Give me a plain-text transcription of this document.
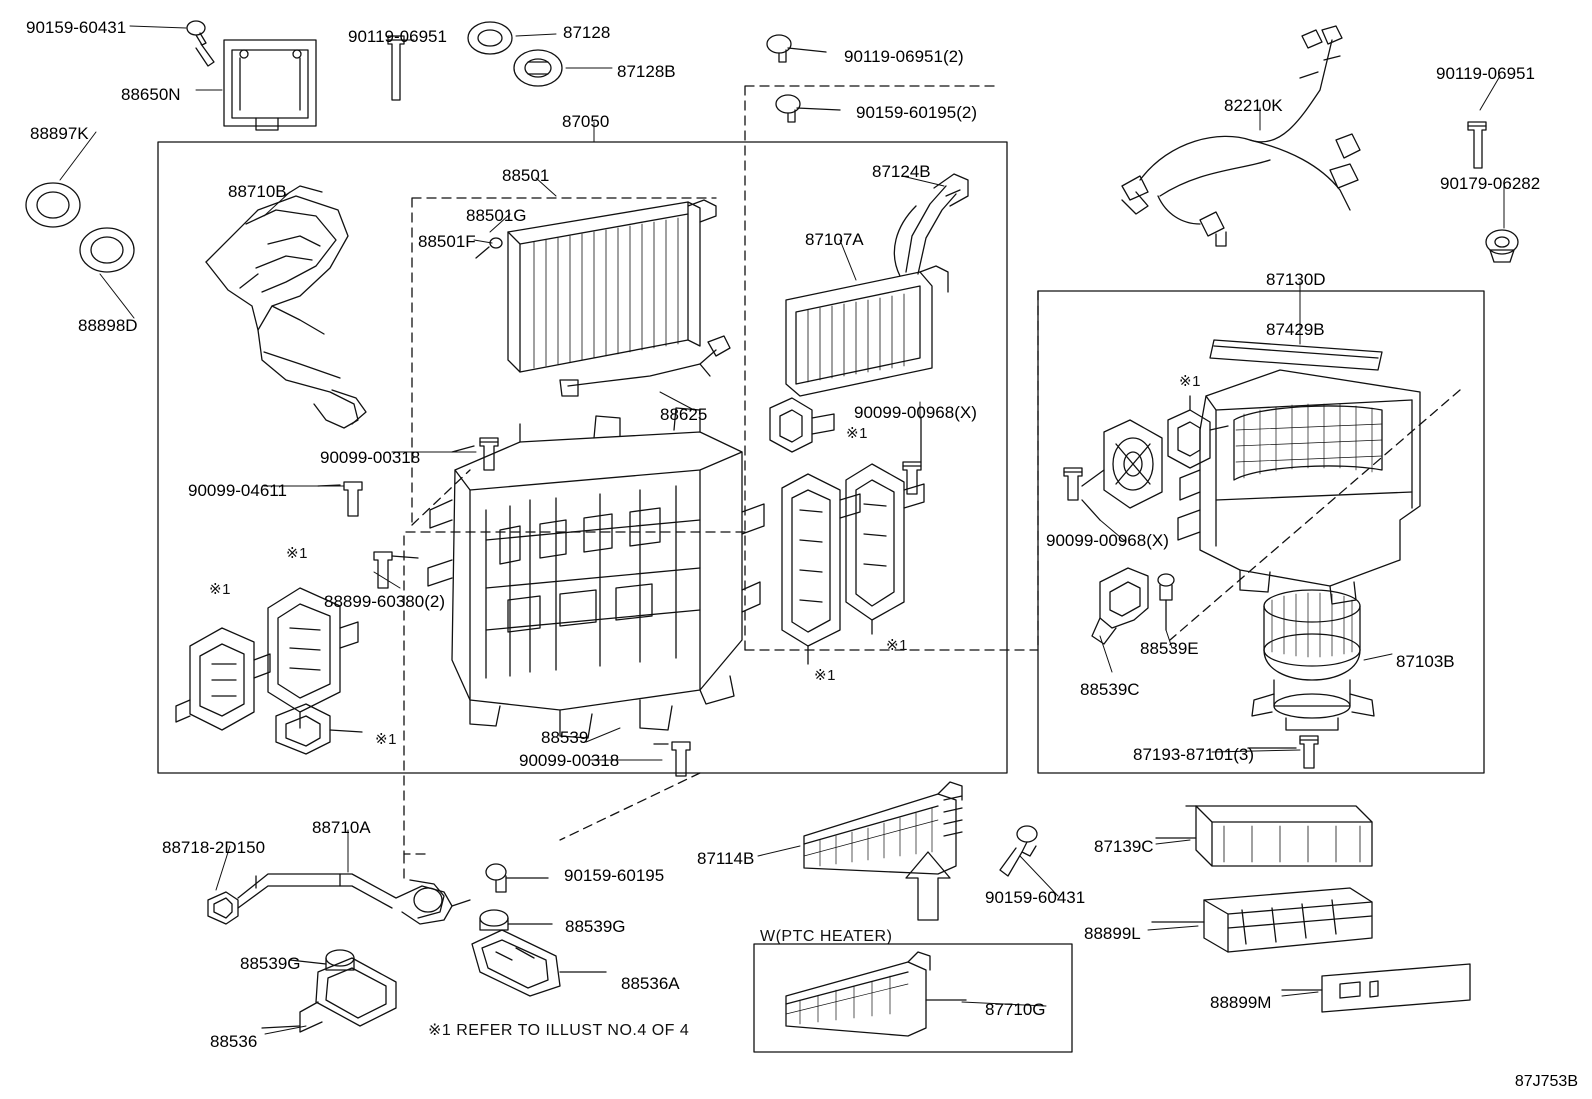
90159-60431	90119-06951	87128
87128B
90119-06951(2)
88650N
90159-60195(2)	82210K
90119-06951
87050
88897K
90179-06282
88501	87124B
88710B
88501G
87107A
88501F
87130D
88898D	87429B
88625	90099-00968(X)
90099-00318
90099-04611
90099-00968(X)
88899-60380(2)
88539E
87103B
88539C
88539
87193-87101(3)
90099-00318
88710A
87139C
88718-2D150
87114B
90159-60195
90159-60431
88539G	88899L
88539G
88536A
87710G	88899M
88536
※1
※1
※1
※1
※1
※1
※1
W(PTC HEATER)
※1 REFER TO ILLUST NO.4 OF 4
87J753B
